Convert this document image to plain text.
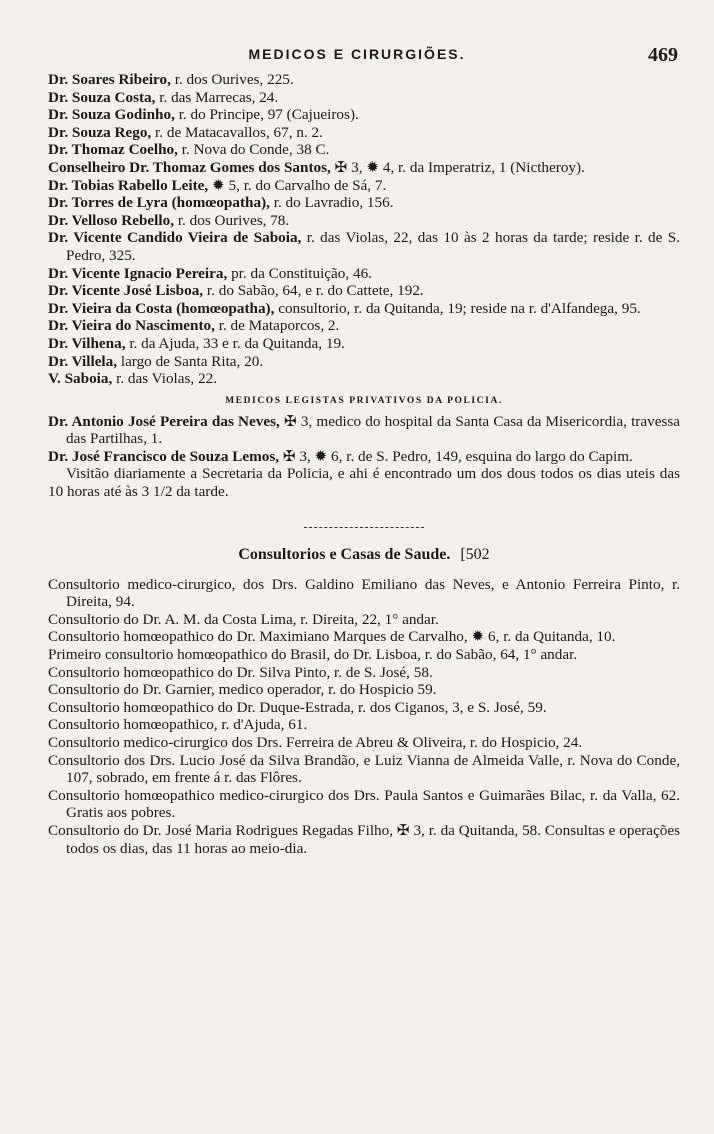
MEDICOS E CIRURGIÕES.	469

Dr. Soares Ribeiro, r. dos Ourives, 225.

Dr. Souza Costa, r. das Marrecas, 24.

Dr. Souza Godinho, r. do Principe, 97 (Cajueiros).

Dr. Souza Rego, r. de Matacavallos, 67, n. 2.

Dr. Thomaz Coelho, r. Nova do Conde, 38 C.

Conselheiro Dr. Thomaz Gomes dos Santos, ✠ 3, ✹ 4, r. da Imperatriz, 1 (Nictheroy).

Dr. Tobias Rabello Leite, ✹ 5, r. do Carvalho de Sá, 7.

Dr. Torres de Lyra (homœopatha), r. do Lavradio, 156.

Dr. Velloso Rebello, r. dos Ourives, 78.

Dr. Vicente Candido Vieira de Saboia, r. das Violas, 22, das 10 às 2 horas da tarde; reside r. de S. Pedro, 325.

Dr. Vicente Ignacio Pereira, pr. da Constituição, 46.

Dr. Vicente José Lisboa, r. do Sabão, 64, e r. do Cattete, 192.

Dr. Vieira da Costa (homœopatha), consultorio, r. da Quitanda, 19; reside na r. d'Alfandega, 95.

Dr. Vieira do Nascimento, r. de Mataporcos, 2.

Dr. Vilhena, r. da Ajuda, 33 e r. da Quitanda, 19.

Dr. Villela, largo de Santa Rita, 20.

V. Saboia, r. das Violas, 22.

MEDICOS LEGISTAS PRIVATIVOS DA POLICIA.

Dr. Antonio José Pereira das Neves, ✠ 3, medico do hospital da Santa Casa da Misericordia, travessa das Partilhas, 1.

Dr. José Francisco de Souza Lemos, ✠ 3, ✹ 6, r. de S. Pedro, 149, esquina do largo do Capim.

Visitão diariamente a Secretaria da Policia, e ahi é encontrado um dos dous todos os dias uteis das 10 horas até às 3 1/2 da tarde.

Consultorios e Casas de Saude. [502

Consultorio medico-cirurgico, dos Drs. Galdino Emiliano das Neves, e Antonio Ferreira Pinto, r. Direita, 94.

Consultorio do Dr. A. M. da Costa Lima, r. Direita, 22, 1° andar.

Consultorio homœopathico do Dr. Maximiano Marques de Carvalho, ✹ 6, r. da Quitanda, 10.

Primeiro consultorio homœopathico do Brasil, do Dr. Lisboa, r. do Sabão, 64, 1° andar.

Consultorio homœopathico do Dr. Silva Pinto, r. de S. José, 58.

Consultorio do Dr. Garnier, medico operador, r. do Hospicio 59.

Consultorio homœopathico do Dr. Duque-Estrada, r. dos Ciganos, 3, e S. José, 59.

Consultorio homœopathico, r. d'Ajuda, 61.

Consultorio medico-cirurgico dos Drs. Ferreira de Abreu & Oliveira, r. do Hospicio, 24.

Consultorio dos Drs. Lucio José da Silva Brandão, e Luiz Vianna de Almeida Valle, r. Nova do Conde, 107, sobrado, em frente á r. das Flôres.

Consultorio homœopathico medico-cirurgico dos Drs. Paula Santos e Guimarães Bilac, r. da Valla, 62. Gratis aos pobres.

Consultorio do Dr. José Maria Rodrigues Regadas Filho, ✠ 3, r. da Quitanda, 58. Consultas e operações todos os dias, das 11 horas ao meio-dia.
